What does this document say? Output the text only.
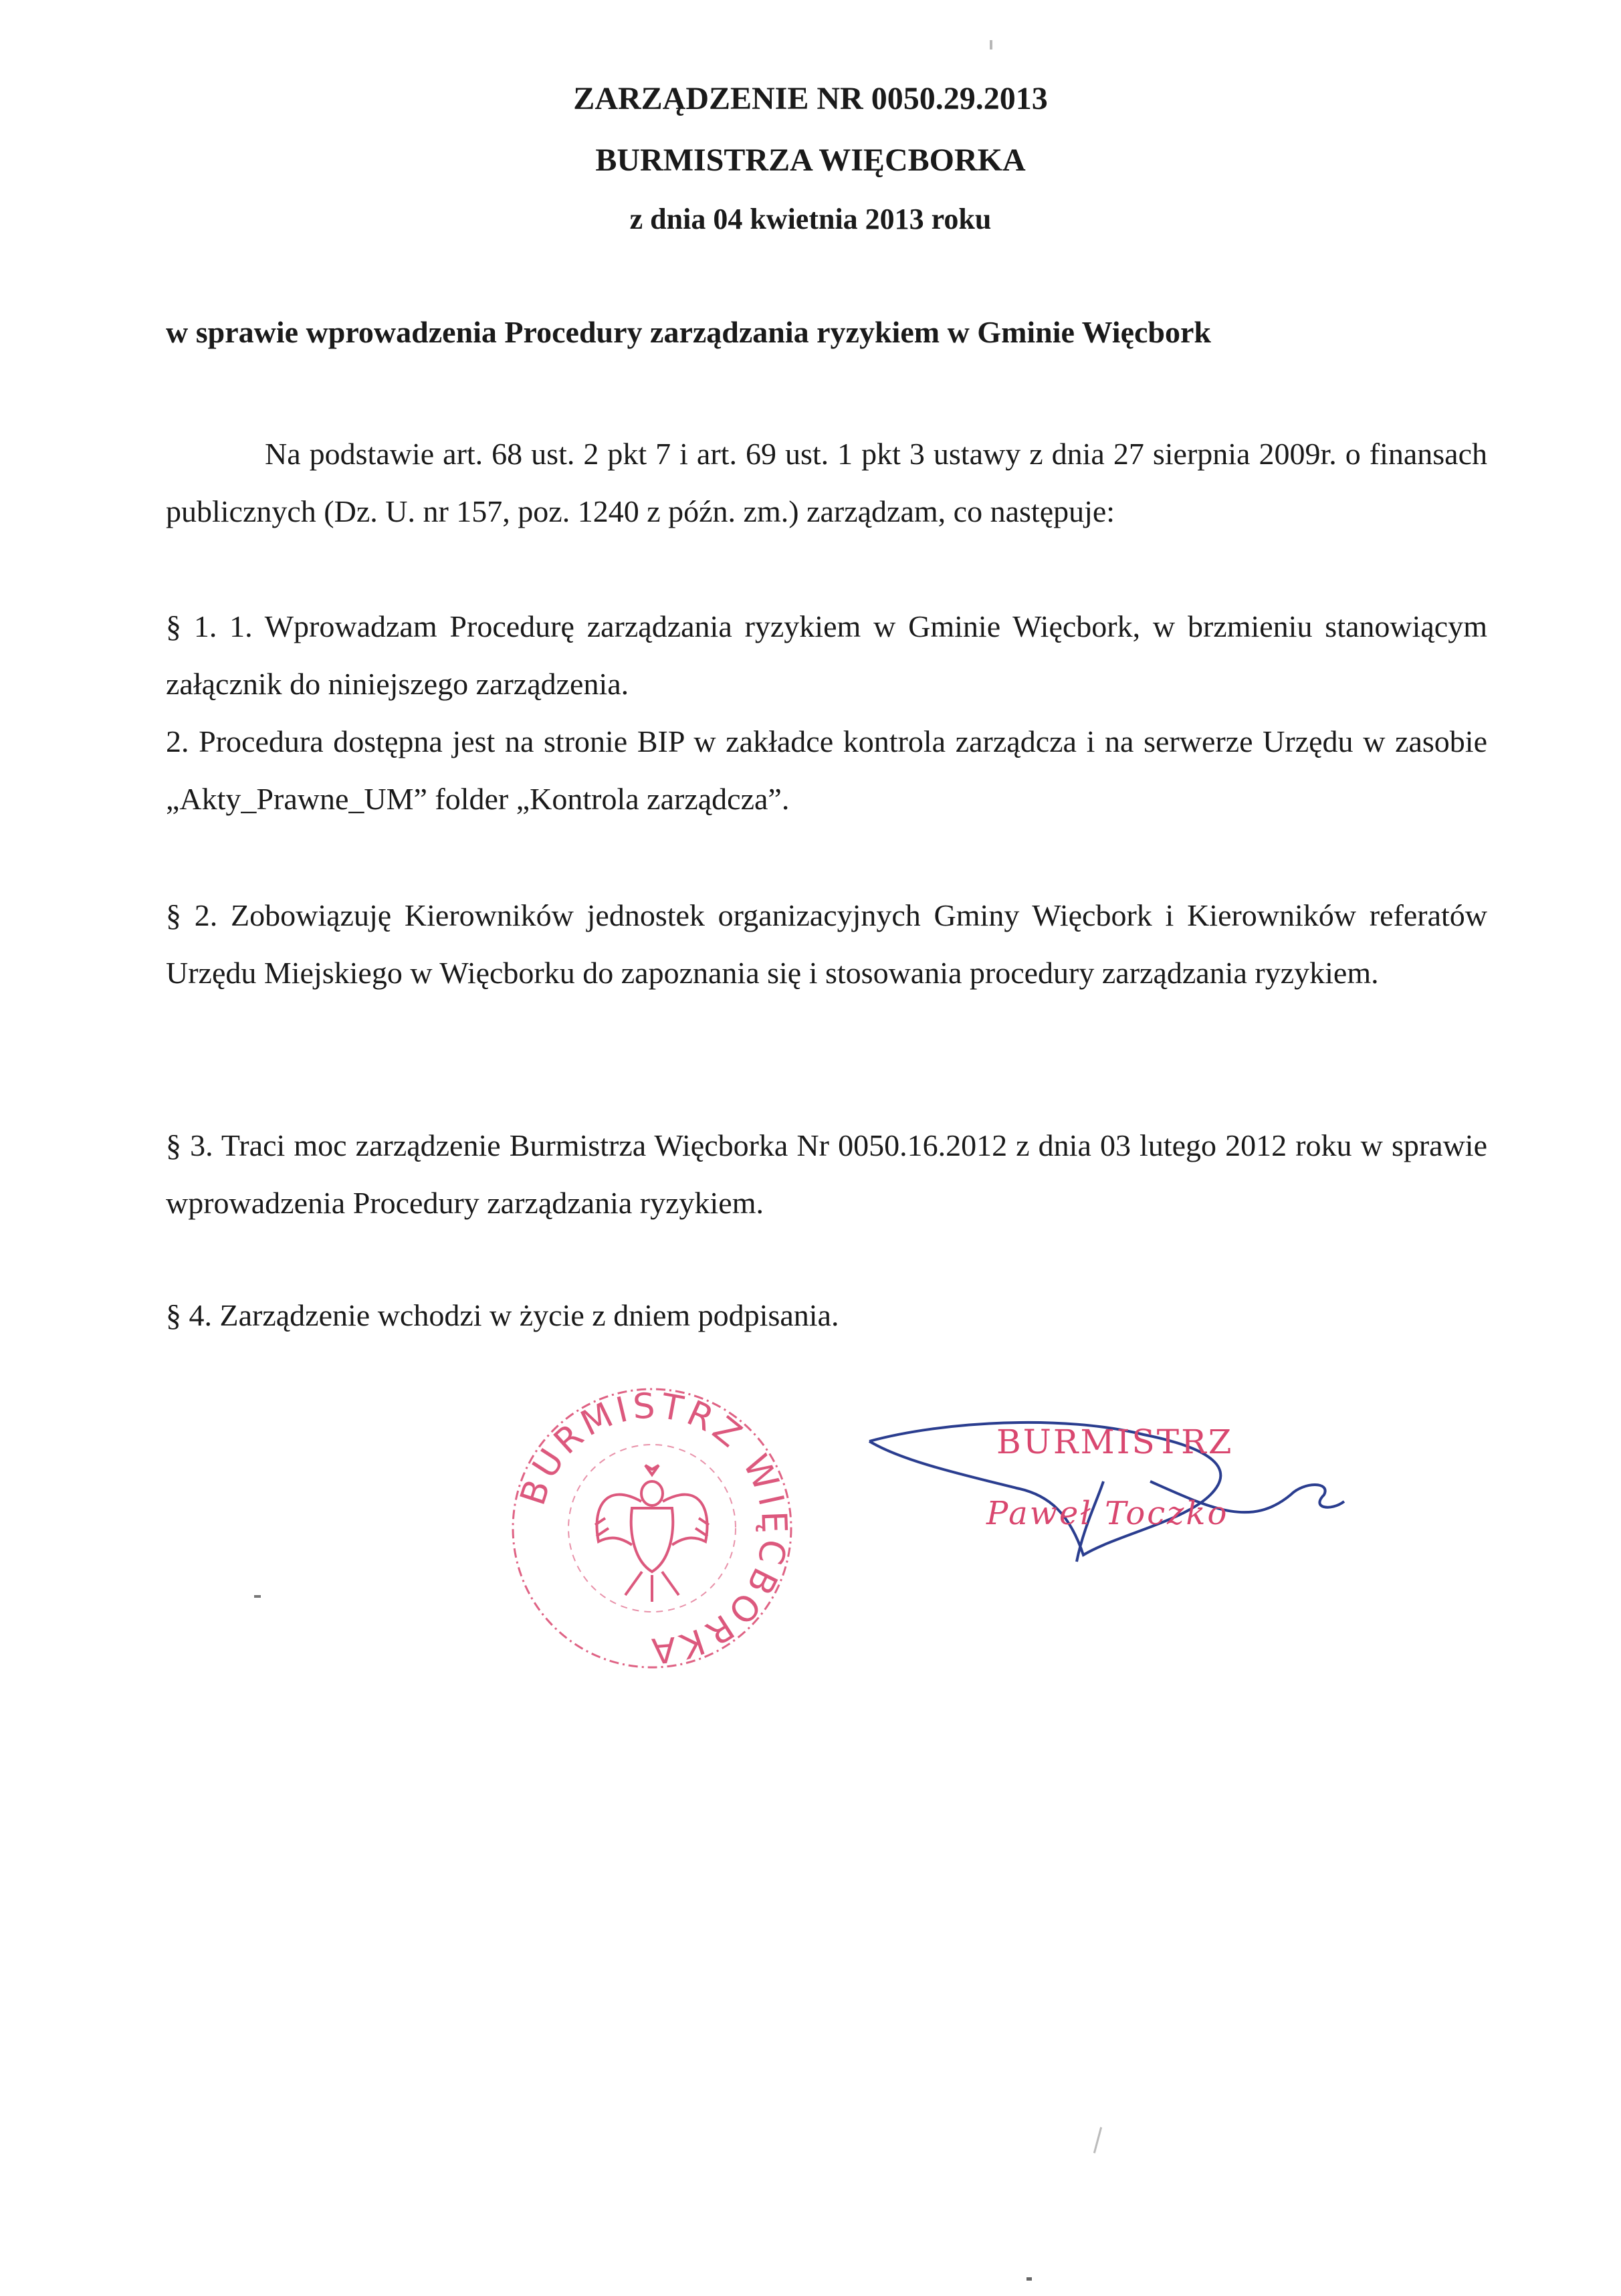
ZARZĄDZENIE NR 0050.29.2013
BURMISTRZA WIĘCBORKA
z dnia 04 kwietnia 2013 roku
w sprawie wprowadzenia Procedury zarządzania ryzykiem w Gminie Więcbork
Na podstawie art. 68 ust. 2 pkt 7 i art. 69 ust. 1 pkt 3 ustawy z dnia 27 sierpnia 2009r. o finansach publicznych (Dz. U. nr 157, poz. 1240 z późn. zm.) zarządzam, co następuje:
§ 1. 1. Wprowadzam Procedurę zarządzania ryzykiem w Gminie Więcbork, w brzmieniu stanowiącym załącznik do niniejszego zarządzenia.
2. Procedura dostępna jest na stronie BIP w zakładce kontrola zarządcza i na serwerze Urzędu w zasobie „Akty_Prawne_UM” folder „Kontrola zarządcza”.
§ 2. Zobowiązuję Kierowników jednostek organizacyjnych Gminy Więcbork i Kierowników referatów Urzędu Miejskiego w Więcborku do zapoznania się i stosowania procedury zarządzania ryzykiem.
§ 3. Traci moc zarządzenie Burmistrza Więcborka Nr 0050.16.2012 z dnia 03 lutego 2012 roku w sprawie wprowadzenia Procedury zarządzania ryzykiem.
§ 4. Zarządzenie wchodzi w życie z dniem podpisania.
BURMISTRZ WIĘCBORKA
BURMISTRZ
Paweł Toczko
